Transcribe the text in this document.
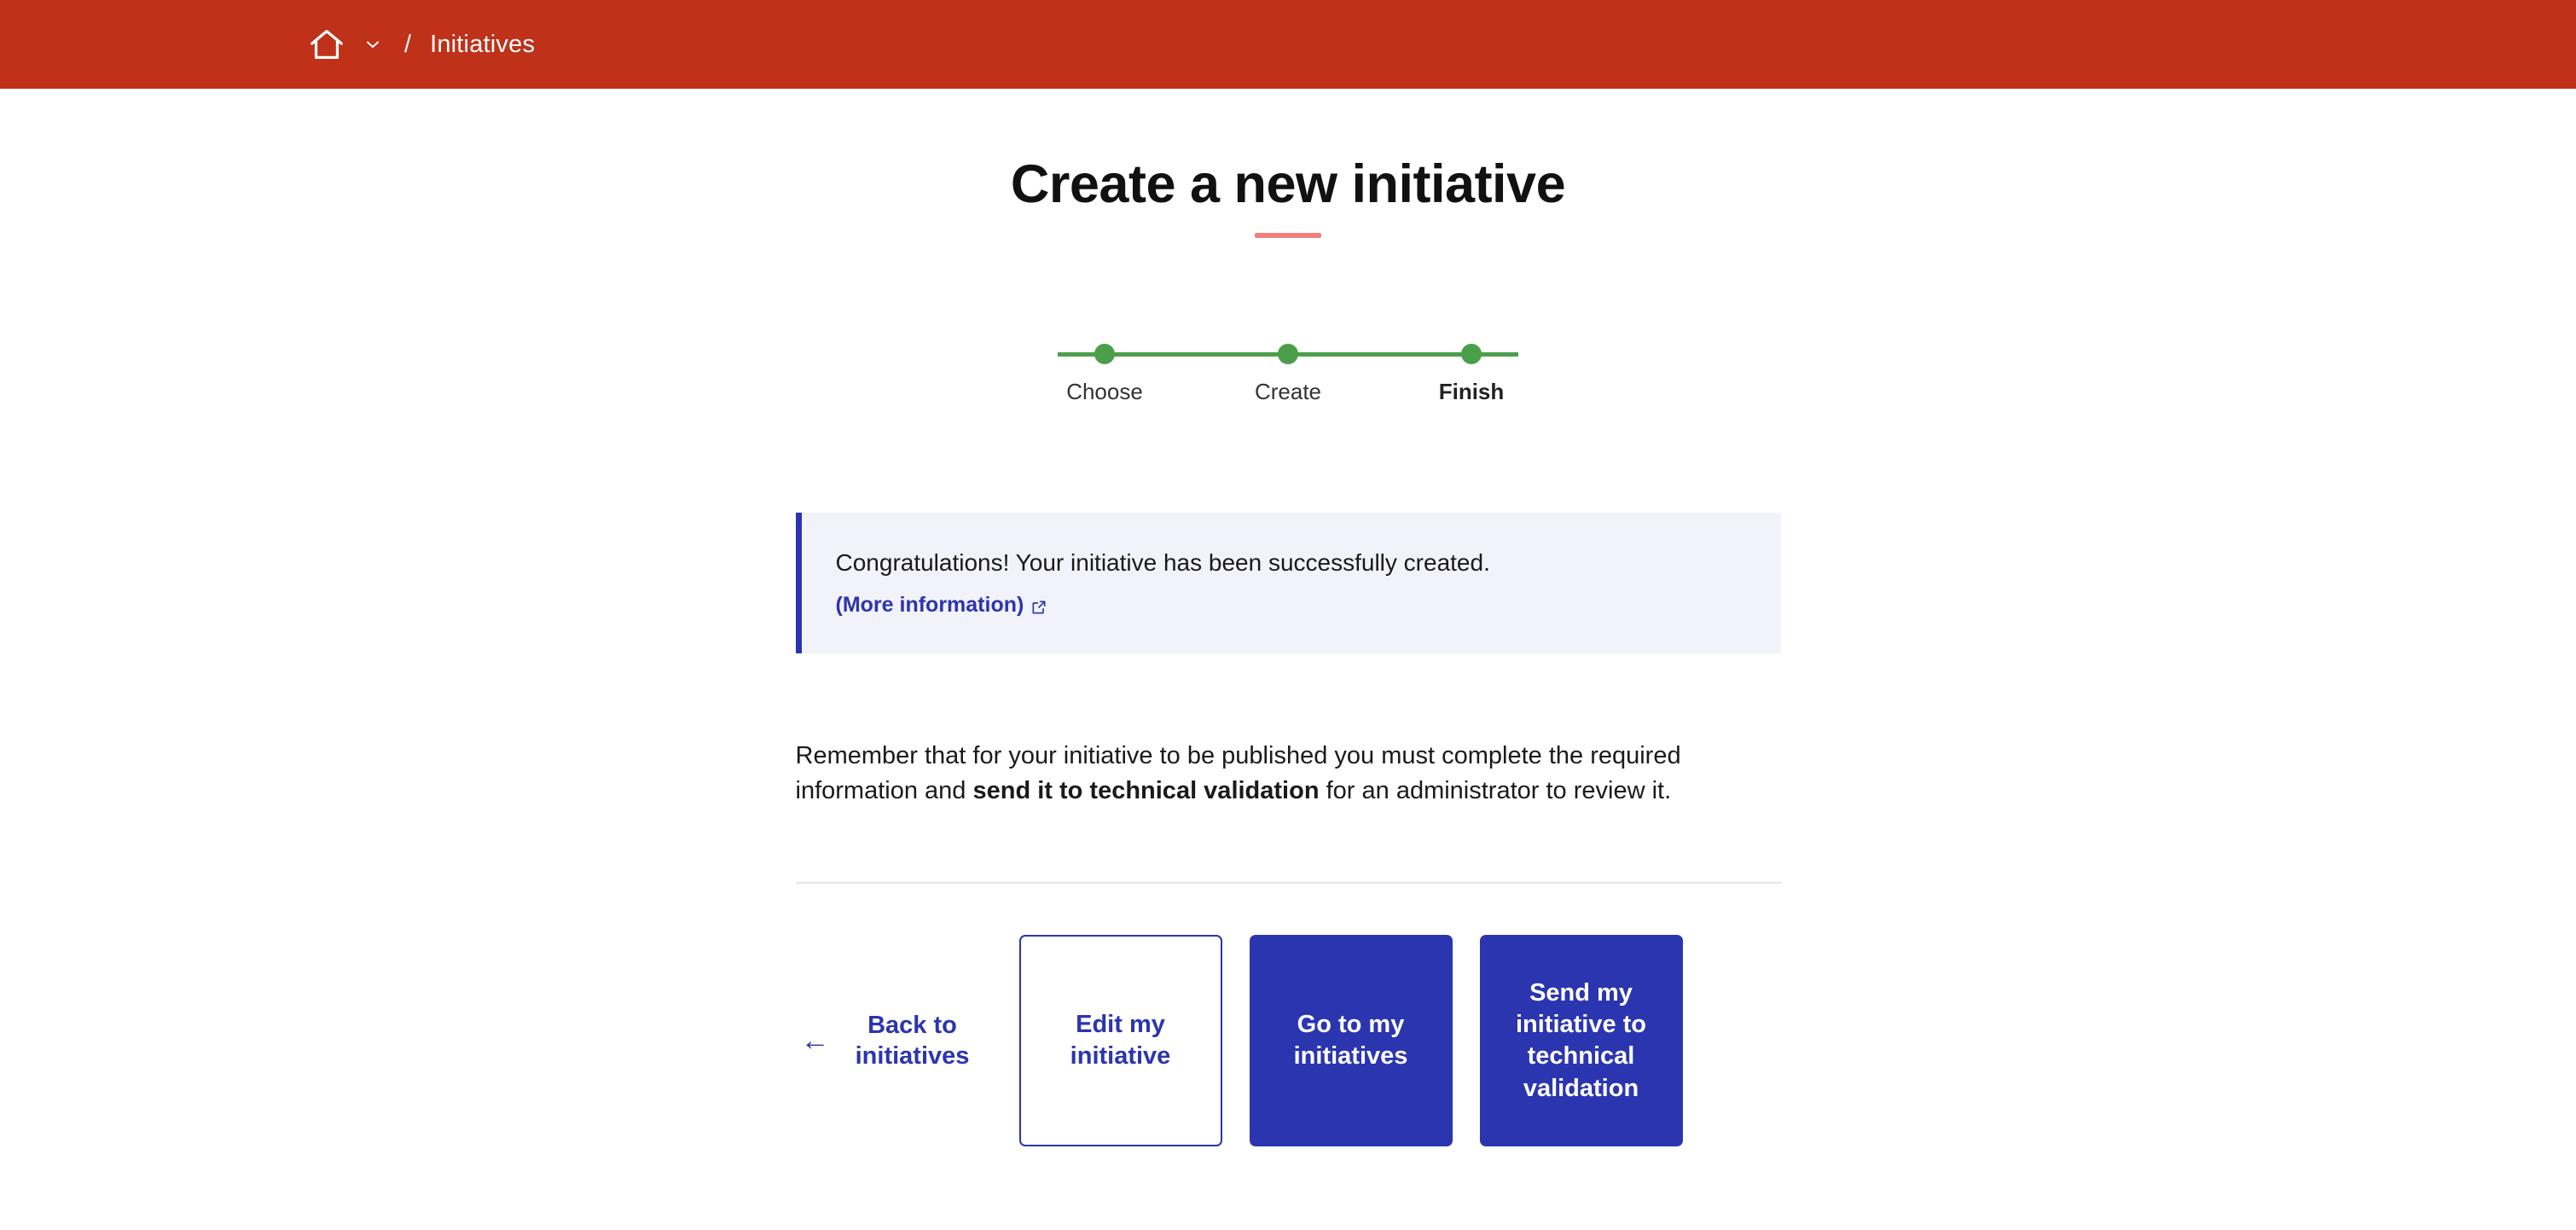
/ Initiatives
Create a new initiative
Choose	Create	Finish
Congratulations! Your initiative has been successfully created.
(More information)
Remember that for your initiative to be published you must complete the required information and send it to technical validation for an administrator to review it.
←	Back to initiatives
Edit my initiative
Go to my initiatives
Send my initiative to technical validation
